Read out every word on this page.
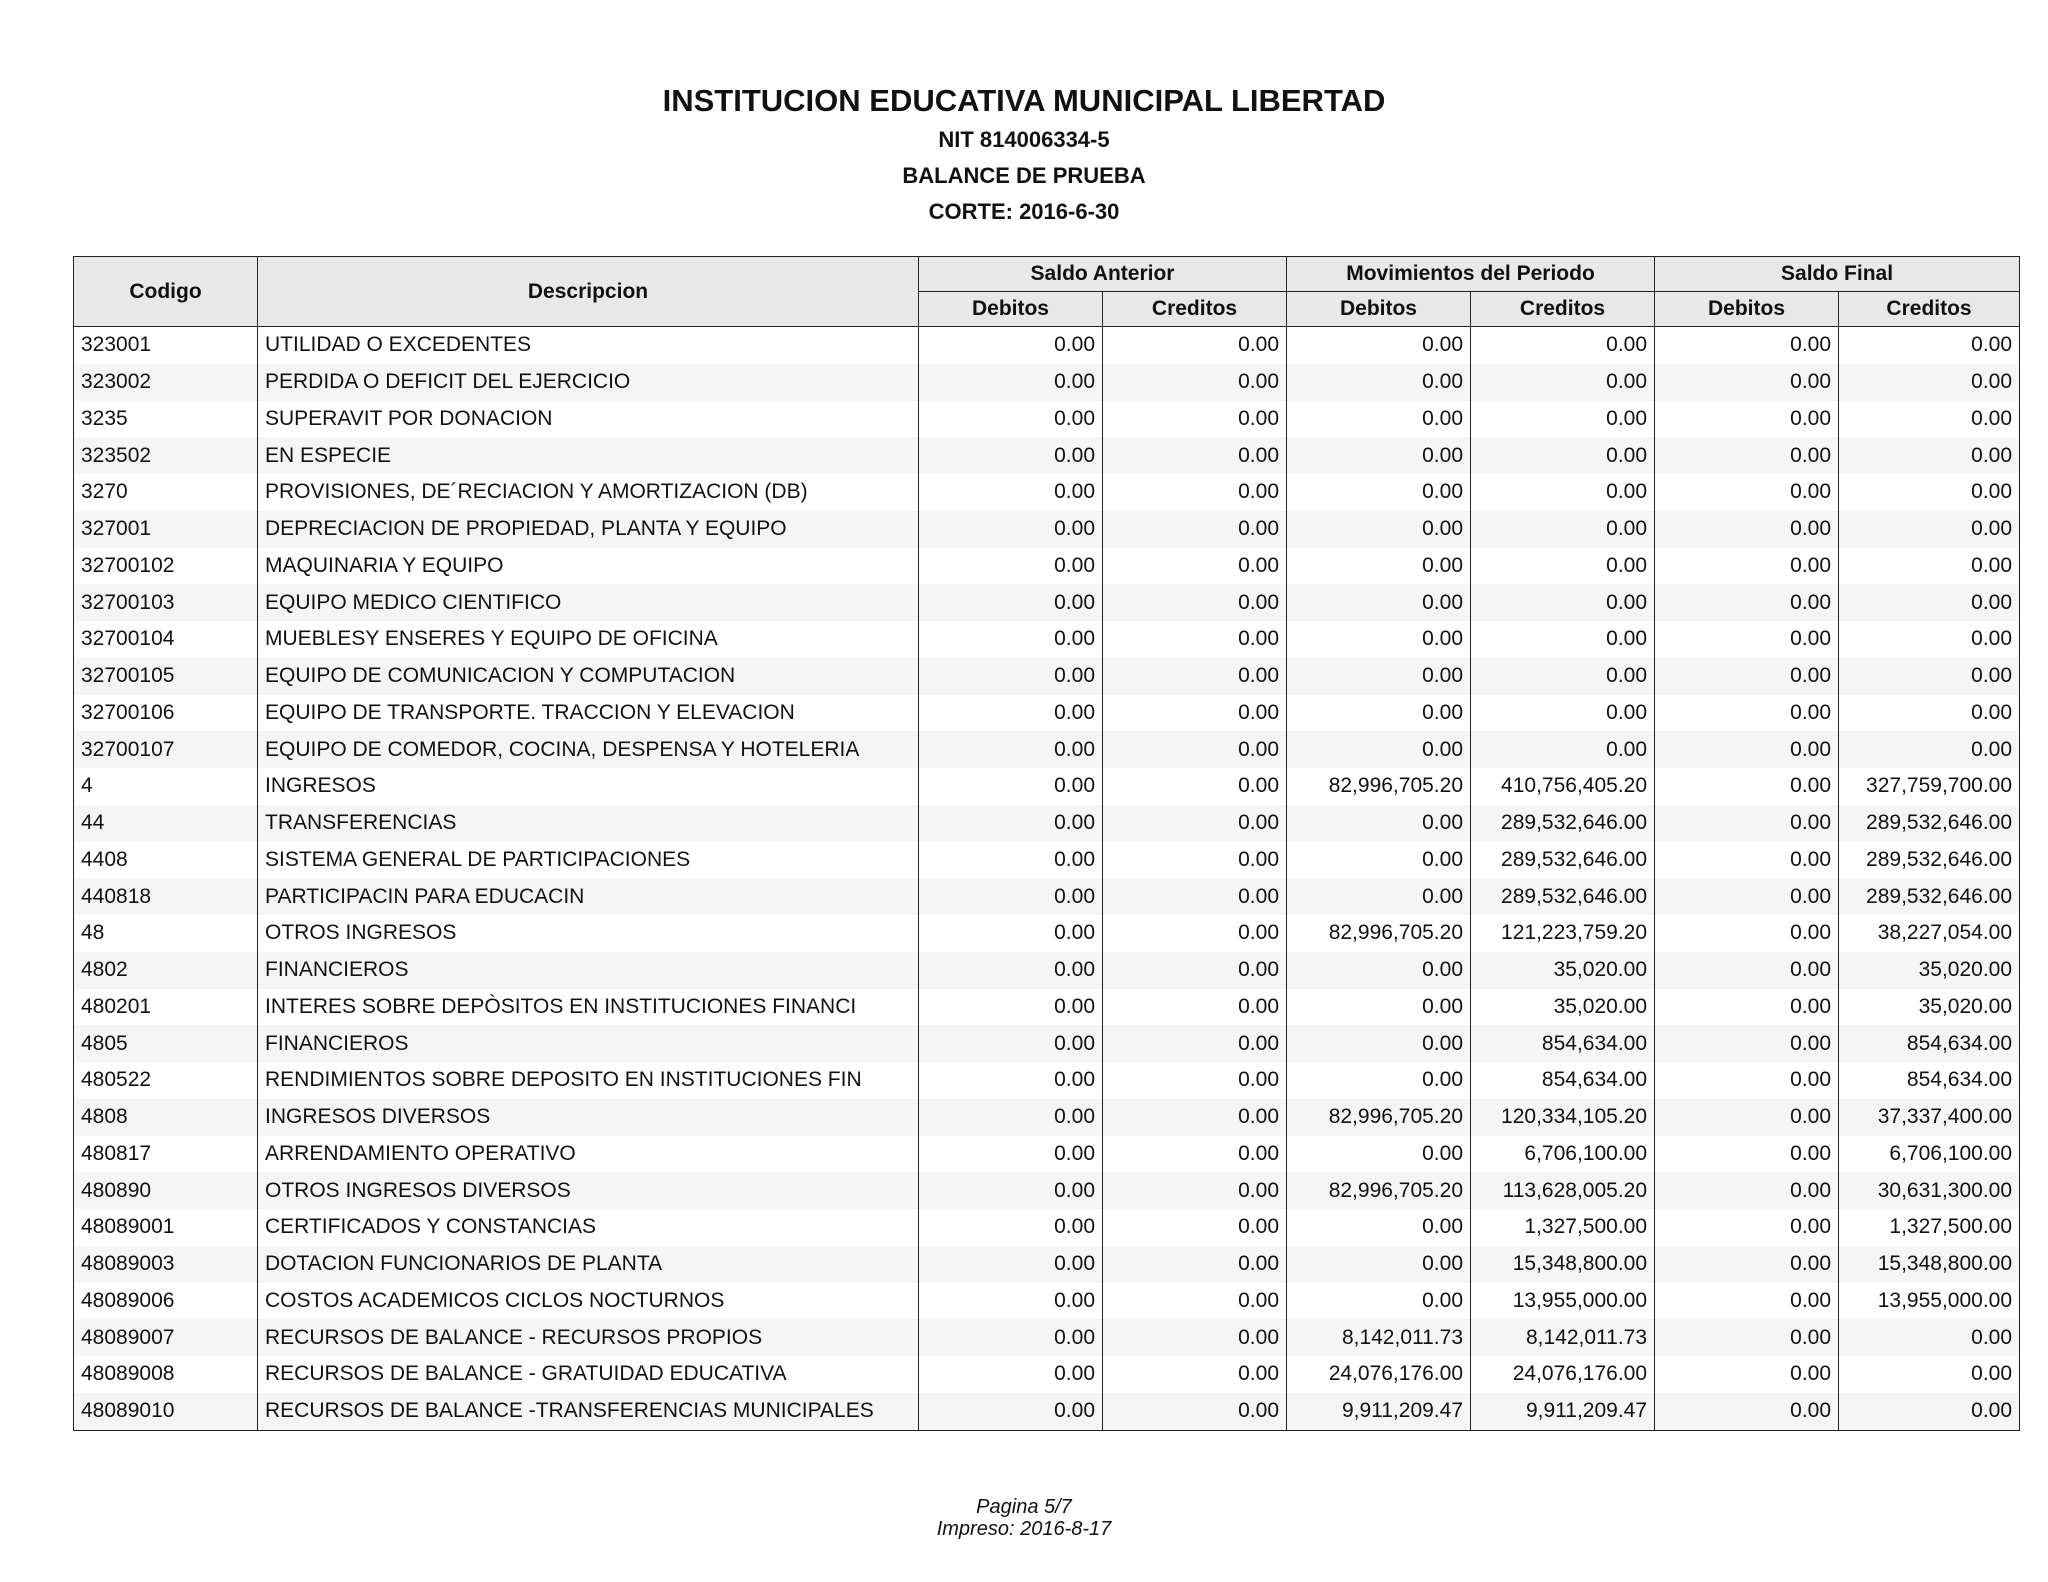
INSTITUCION EDUCATIVA MUNICIPAL LIBERTAD
NIT 814006334-5
BALANCE DE PRUEBA
CORTE: 2016-6-30
Codigo	Descripcion	Saldo Anterior		Movimientos del Periodo		Saldo Final	
		Debitos	Creditos	Debitos	Creditos	Debitos	Creditos
323001	UTILIDAD O EXCEDENTES	0.00	0.00	0.00	0.00	0.00	0.00
323002	PERDIDA O DEFICIT DEL EJERCICIO	0.00	0.00	0.00	0.00	0.00	0.00
3235	SUPERAVIT POR DONACION	0.00	0.00	0.00	0.00	0.00	0.00
323502	EN ESPECIE	0.00	0.00	0.00	0.00	0.00	0.00
3270	PROVISIONES, DE´RECIACION Y AMORTIZACION (DB)	0.00	0.00	0.00	0.00	0.00	0.00
327001	DEPRECIACION DE PROPIEDAD, PLANTA Y EQUIPO	0.00	0.00	0.00	0.00	0.00	0.00
32700102	MAQUINARIA Y EQUIPO	0.00	0.00	0.00	0.00	0.00	0.00
32700103	EQUIPO MEDICO CIENTIFICO	0.00	0.00	0.00	0.00	0.00	0.00
32700104	MUEBLESY ENSERES Y EQUIPO DE OFICINA	0.00	0.00	0.00	0.00	0.00	0.00
32700105	EQUIPO DE COMUNICACION Y COMPUTACION	0.00	0.00	0.00	0.00	0.00	0.00
32700106	EQUIPO DE TRANSPORTE. TRACCION Y ELEVACION	0.00	0.00	0.00	0.00	0.00	0.00
32700107	EQUIPO DE COMEDOR, COCINA, DESPENSA Y HOTELERIA	0.00	0.00	0.00	0.00	0.00	0.00
4	INGRESOS	0.00	0.00	82,996,705.20	410,756,405.20	0.00	327,759,700.00
44	TRANSFERENCIAS	0.00	0.00	0.00	289,532,646.00	0.00	289,532,646.00
4408	SISTEMA GENERAL DE PARTICIPACIONES	0.00	0.00	0.00	289,532,646.00	0.00	289,532,646.00
440818	PARTICIPACIN PARA EDUCACIN	0.00	0.00	0.00	289,532,646.00	0.00	289,532,646.00
48	OTROS INGRESOS	0.00	0.00	82,996,705.20	121,223,759.20	0.00	38,227,054.00
4802	FINANCIEROS	0.00	0.00	0.00	35,020.00	0.00	35,020.00
480201	INTERES SOBRE DEPÒSITOS EN INSTITUCIONES FINANCI	0.00	0.00	0.00	35,020.00	0.00	35,020.00
4805	FINANCIEROS	0.00	0.00	0.00	854,634.00	0.00	854,634.00
480522	RENDIMIENTOS SOBRE DEPOSITO EN INSTITUCIONES FIN	0.00	0.00	0.00	854,634.00	0.00	854,634.00
4808	INGRESOS DIVERSOS	0.00	0.00	82,996,705.20	120,334,105.20	0.00	37,337,400.00
480817	ARRENDAMIENTO OPERATIVO	0.00	0.00	0.00	6,706,100.00	0.00	6,706,100.00
480890	OTROS INGRESOS DIVERSOS	0.00	0.00	82,996,705.20	113,628,005.20	0.00	30,631,300.00
48089001	CERTIFICADOS Y CONSTANCIAS	0.00	0.00	0.00	1,327,500.00	0.00	1,327,500.00
48089003	DOTACION FUNCIONARIOS DE PLANTA	0.00	0.00	0.00	15,348,800.00	0.00	15,348,800.00
48089006	COSTOS ACADEMICOS CICLOS NOCTURNOS	0.00	0.00	0.00	13,955,000.00	0.00	13,955,000.00
48089007	RECURSOS DE BALANCE - RECURSOS PROPIOS	0.00	0.00	8,142,011.73	8,142,011.73	0.00	0.00
48089008	RECURSOS DE BALANCE - GRATUIDAD EDUCATIVA	0.00	0.00	24,076,176.00	24,076,176.00	0.00	0.00
48089010	RECURSOS DE BALANCE -TRANSFERENCIAS MUNICIPALES	0.00	0.00	9,911,209.47	9,911,209.47	0.00	0.00
Pagina 5/7
Impreso: 2016-8-17
